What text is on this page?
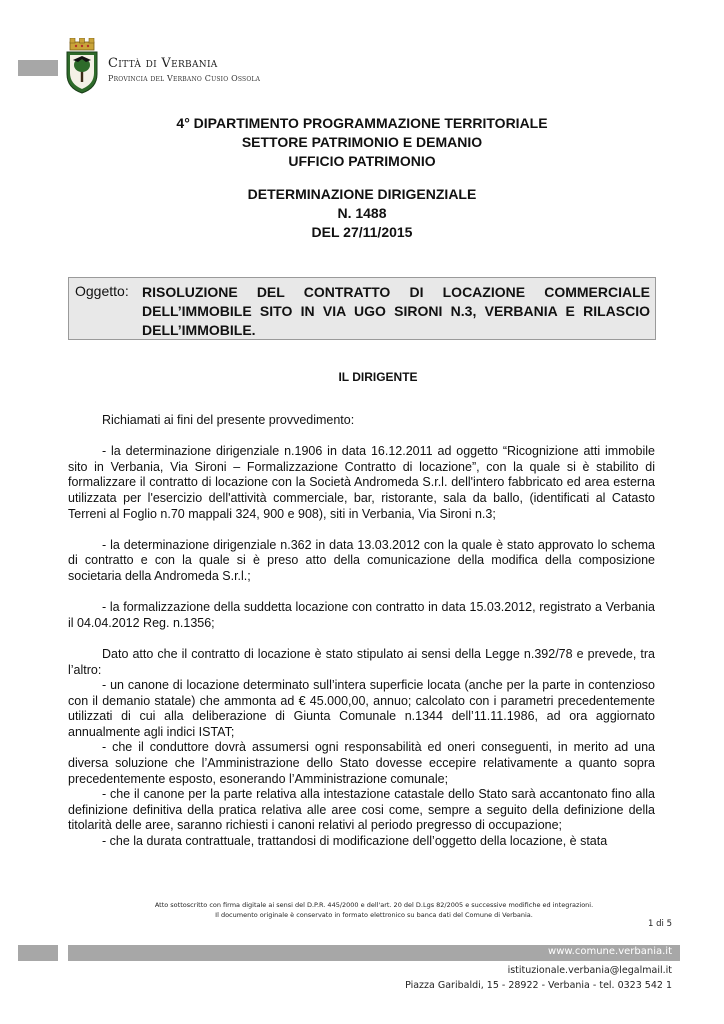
Città di Verbania
Provincia del Verbano Cusio Ossola
4° DIPARTIMENTO PROGRAMMAZIONE TERRITORIALE
SETTORE PATRIMONIO E DEMANIO
UFFICIO PATRIMONIO
DETERMINAZIONE DIRIGENZIALE
N. 1488
DEL 27/11/2015
Oggetto: RISOLUZIONE DEL CONTRATTO DI LOCAZIONE COMMERCIALE DELL’IMMOBILE SITO IN VIA UGO SIRONI N.3, VERBANIA E RILASCIO DELL’IMMOBILE.
IL DIRIGENTE

Richiamati ai fini del presente provvedimento:

- la determinazione dirigenziale n.1906 in data 16.12.2011 ad oggetto “Ricognizione atti immobile sito in Verbania, Via Sironi – Formalizzazione Contratto di locazione”, con la quale si è stabilito di formalizzare il contratto di locazione con la Società Andromeda S.r.l. dell'intero fabbricato ed area esterna utilizzata per l'esercizio dell'attività commerciale, bar, ristorante, sala da ballo, (identificati al Catasto Terreni al Foglio n.70 mappali 324, 900 e 908), siti in Verbania, Via Sironi n.3;

- la determinazione dirigenziale n.362 in data 13.03.2012 con la quale è stato approvato lo schema di contratto e con la quale si è preso atto della comunicazione della modifica della composizione societaria della Andromeda S.r.l.;

- la formalizzazione della suddetta locazione con contratto in data 15.03.2012, registrato a Verbania il 04.04.2012 Reg. n.1356;

Dato atto che il contratto di locazione è stato stipulato ai sensi della Legge n.392/78 e prevede, tra l’altro:

- un canone di locazione determinato sull’intera superficie locata (anche per la parte in contenzioso con il demanio statale) che ammonta ad € 45.000,00, annuo; calcolato con i parametri precedentemente utilizzati di cui alla deliberazione di Giunta Comunale n.1344 dell’11.11.1986, ad ora aggiornato annualmente agli indici ISTAT;

- che il conduttore dovrà assumersi ogni responsabilità ed oneri conseguenti, in merito ad una diversa soluzione che l’Amministrazione dello Stato dovesse eccepire relativamente a quanto sopra precedentemente esposto, esonerando l’Amministrazione comunale;

- che il canone per la parte relativa alla intestazione catastale dello Stato sarà accantonato fino alla definizione definitiva della pratica relativa alle aree cosi come, sempre a seguito della definizione della titolarità delle aree, saranno richiesti i canoni relativi al periodo pregresso di occupazione;

- che la durata contrattuale, trattandosi di modificazione dell’oggetto della locazione, è stata

Atto sottoscritto con firma digitale ai sensi del D.P.R. 445/2000 e dell'art. 20 del D.Lgs 82/2005 e successive modifiche ed integrazioni.
Il documento originale è conservato in formato elettronico su banca dati del Comune di Verbania.
1 di 5
www.comune.verbania.it
istituzionale.verbania@legalmail.it
Piazza Garibaldi, 15 - 28922 - Verbania - tel. 0323 542 1
